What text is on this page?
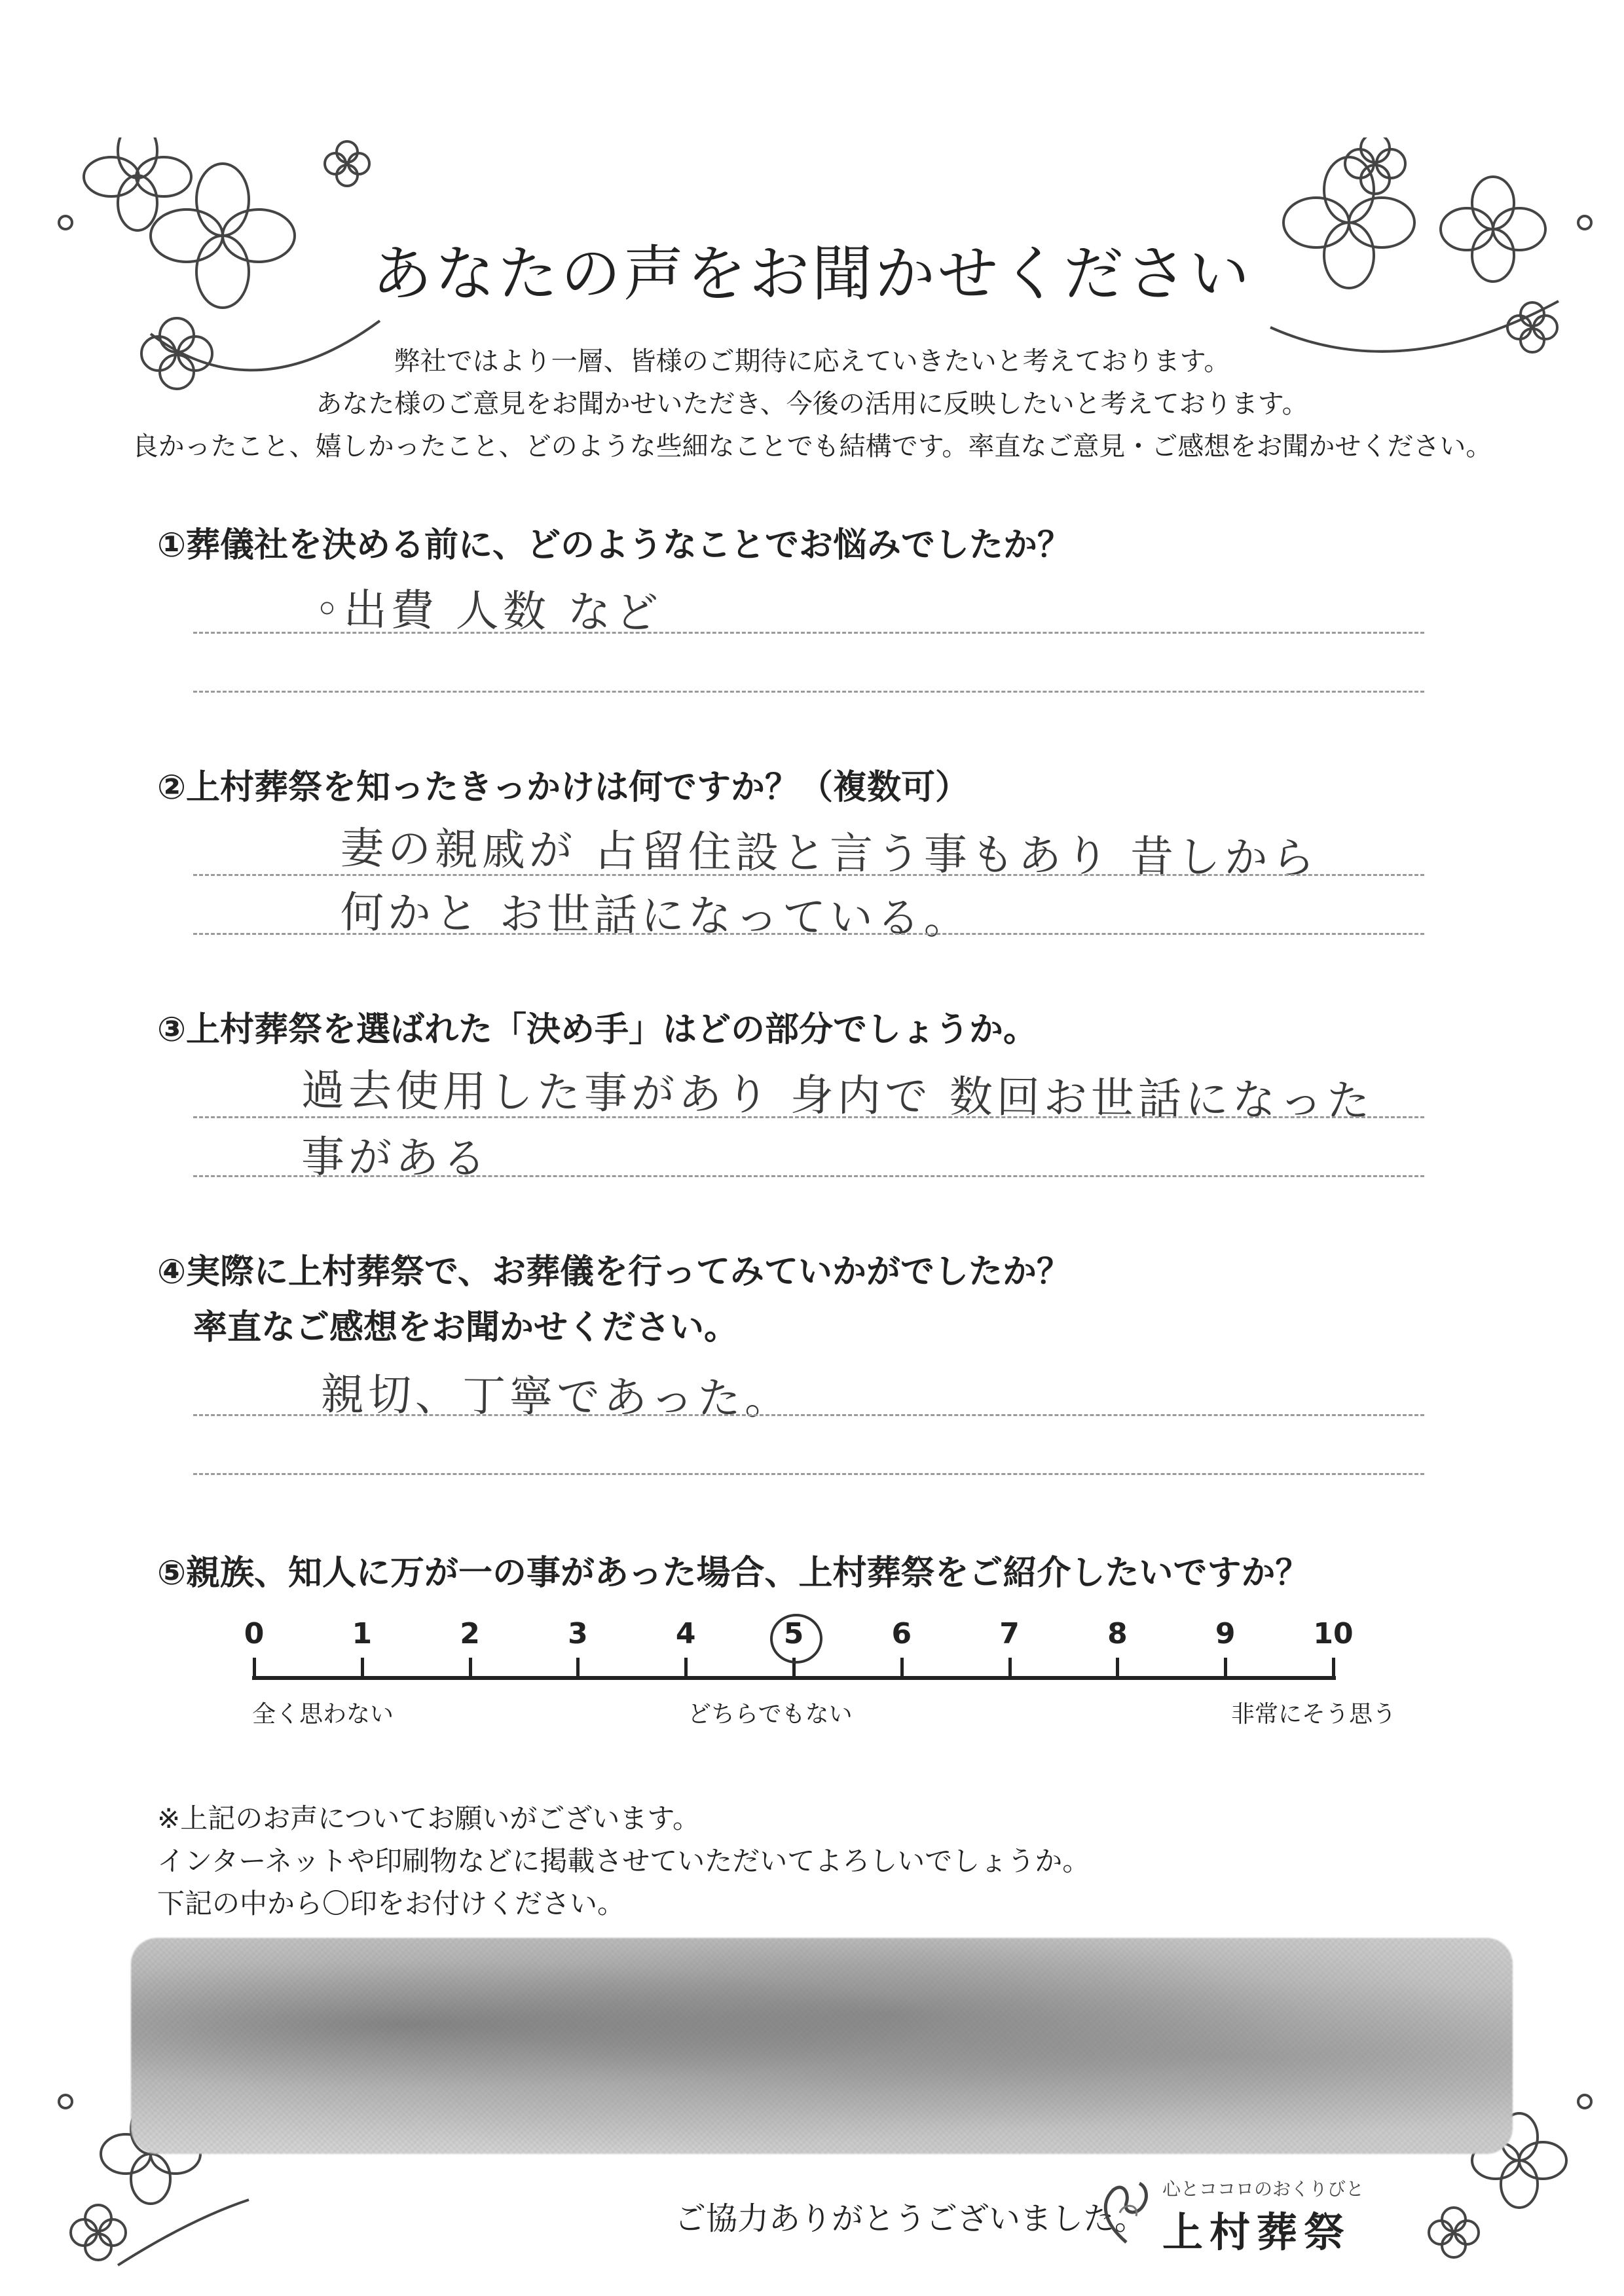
あなたの声をお聞かせください
弊社ではより一層、皆様のご期待に応えていきたいと考えております。
あなた様のご意見をお聞かせいただき、今後の活用に反映したいと考えております。
良かったこと、嬉しかったこと、どのような些細なことでも結構です。率直なご意見・ご感想をお聞かせください。
①葬儀社を決める前に、どのようなことでお悩みでしたか？
◦出費 人数 など
②上村葬祭を知ったきっかけは何ですか？（複数可）
妻の親戚が 占留住設と言う事もあり 昔しから
何かと お世話になっている。
③上村葬祭を選ばれた「決め手」はどの部分でしょうか。
過去使用した事があり 身内で 数回お世話になった
事がある
④実際に上村葬祭で、お葬儀を行ってみていかがでしたか？
率直なご感想をお聞かせください。
親切、丁寧であった。
⑤親族、知人に万が一の事があった場合、上村葬祭をご紹介したいですか？
0	1	2	3	4	5	6	7	8	9	10
全く思わない	どちらでもない	非常にそう思う
※上記のお声についてお願いがございます。
インターネットや印刷物などに掲載させていただいてよろしいでしょうか。
下記の中から〇印をお付けください。
ご協力ありがとうございました。
心とココロのおくりびと
上村葬祭
